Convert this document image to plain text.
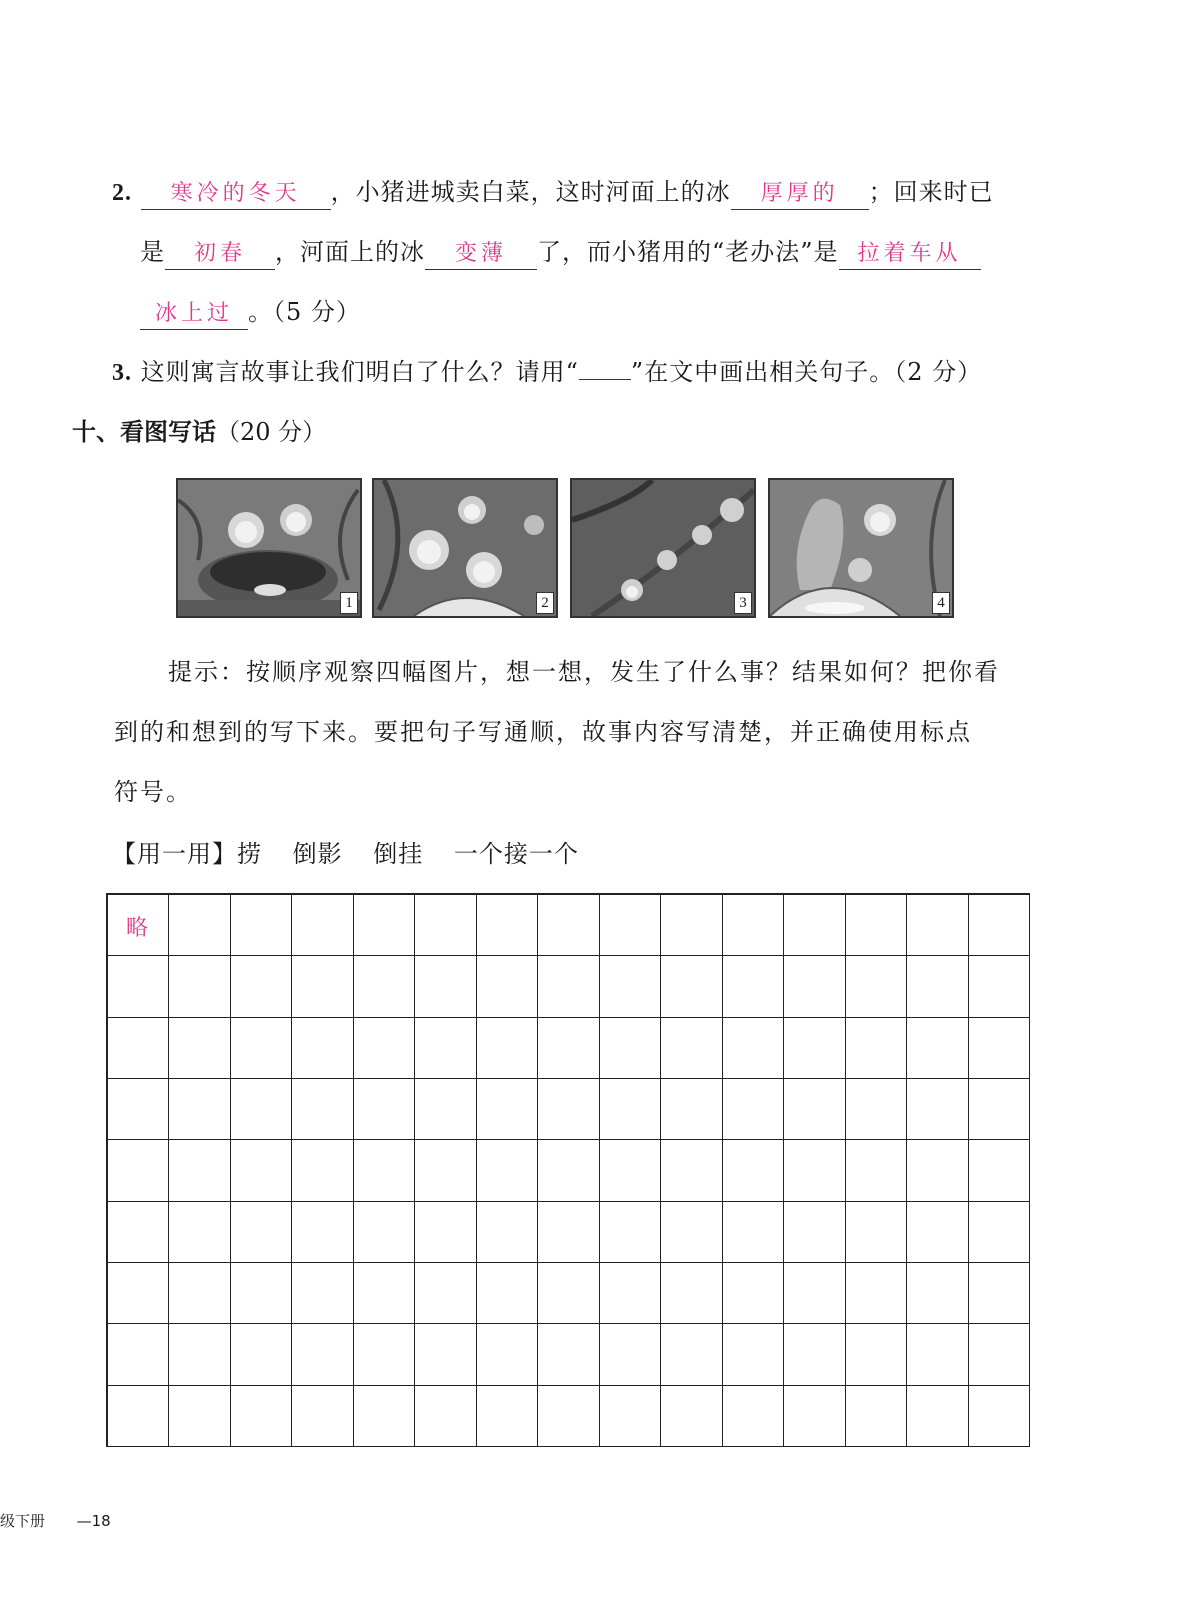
2. 寒冷的冬天 ，小猪进城卖白菜，这时河面上的冰 厚厚的 ；回来时已
是 初春 ，河面上的冰 变薄 了，而小猪用的“老办法”是 拉着车从
冰上过 。（5 分）
3. 这则寓言故事让我们明白了什么？请用“ ”在文中画出相关句子。（2 分）
十、看图写话（20 分）
1	2	3	4
提示：按顺序观察四幅图片，想一想，发生了什么事？结果如何？把你看
到的和想到的写下来。要把句子写通顺，故事内容写清楚，并正确使用标点
符号。
【用一用】捞 倒影 倒挂 一个接一个
略
级下册 —18
